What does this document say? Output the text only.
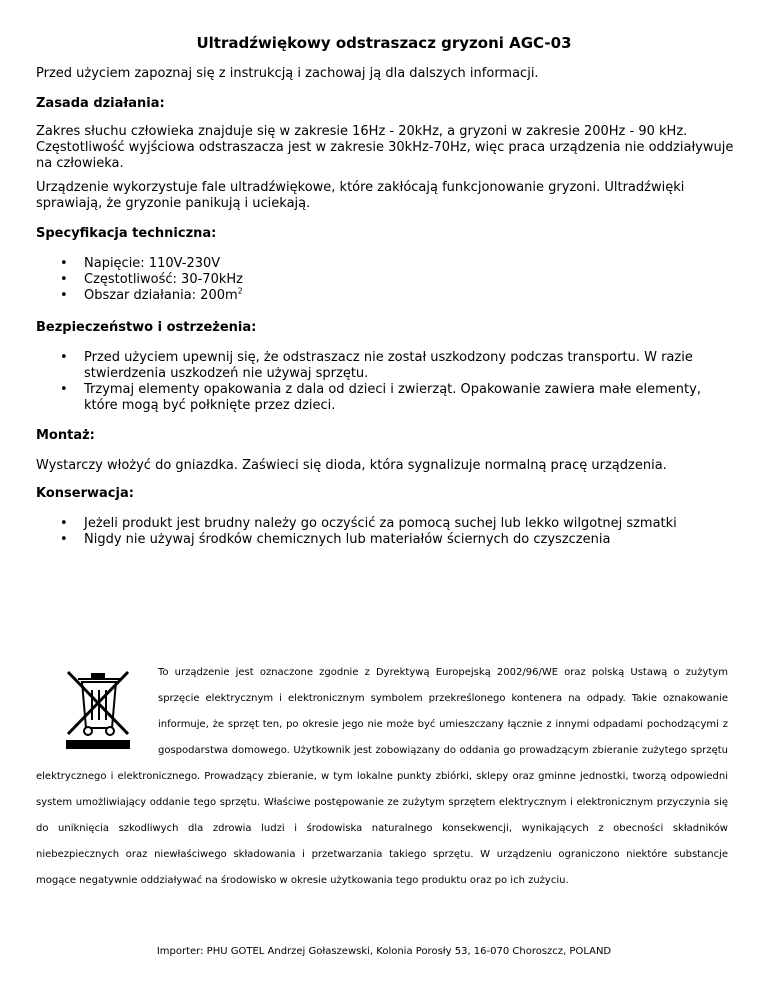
Ultradźwiękowy odstraszacz gryzoni AGC-03

Przed użyciem zapoznaj się z instrukcją i zachowaj ją dla dalszych informacji.

Zasada działania:

Zakres słuchu człowieka znajduje się w zakresie 16Hz - 20kHz, a gryzoni w zakresie 200Hz - 90 kHz. Częstotliwość wyjściowa odstraszacza jest w zakresie 30kHz-70Hz, więc praca urządzenia nie oddziaływuje na człowieka.

Urządzenie wykorzystuje fale ultradźwiękowe, które zakłócają funkcjonowanie gryzoni. Ultradźwięki sprawiają, że gryzonie panikują i uciekają.

Specyfikacja techniczna:
• Napięcie: 110V-230V
• Częstotliwość: 30-70kHz
• Obszar działania: $200m^2$
Bezpieczeństwo i ostrzeżenia:
• Przed użyciem upewnij się, że odstraszacz nie został uszkodzony podczas transportu. W razie stwierdzenia uszkodzeń nie używaj sprzętu.
• Trzymaj elementy opakowania z dala od dzieci i zwierząt. Opakowanie zawiera małe elementy, które mogą być połknięte przez dzieci.
Montaż:

Wystarczy włożyć do gniazdka. Zaświeci się dioda, która sygnalizuje normalną pracę urządzenia.

Konserwacja:
• Jeżeli produkt jest brudny należy go oczyścić za pomocą suchej lub lekko wilgotnej szmatki
• Nigdy nie używaj środków chemicznych lub materiałów ściernych do czyszczenia

To urządzenie jest oznaczone zgodnie z Dyrektywą Europejską 2002/96/WE oraz polską Ustawą o zużytym sprzęcie elektrycznym i elektronicznym symbolem przekreślonego kontenera na odpady. Takie oznakowanie informuje, że sprzęt ten, po okresie jego nie może być umieszczany łącznie z innymi odpadami pochodzącymi z gospodarstwa domowego. Użytkownik jest zobowiązany do oddania go prowadzącym zbieranie zużytego sprzętu elektrycznego i elektronicznego. Prowadzący zbieranie, w tym lokalne punkty zbiórki, sklepy oraz gminne jednostki, tworzą odpowiedni system umożliwiający oddanie tego sprzętu. Właściwe postępowanie ze zużytym sprzętem elektrycznym i elektronicznym przyczynia się do uniknięcia szkodliwych dla zdrowia ludzi i środowiska naturalnego konsekwencji, wynikających z obecności składników niebezpiecznych oraz niewłaściwego składowania i przetwarzania takiego sprzętu. W urządzeniu ograniczono niektóre substancje mogące negatywnie oddziaływać na środowisko w okresie użytkowania tego produktu oraz po ich zużyciu.

Importer: PHU GOTEL Andrzej Gołaszewski, Kolonia Porosły 53, 16-070 Choroszcz, POLAND
